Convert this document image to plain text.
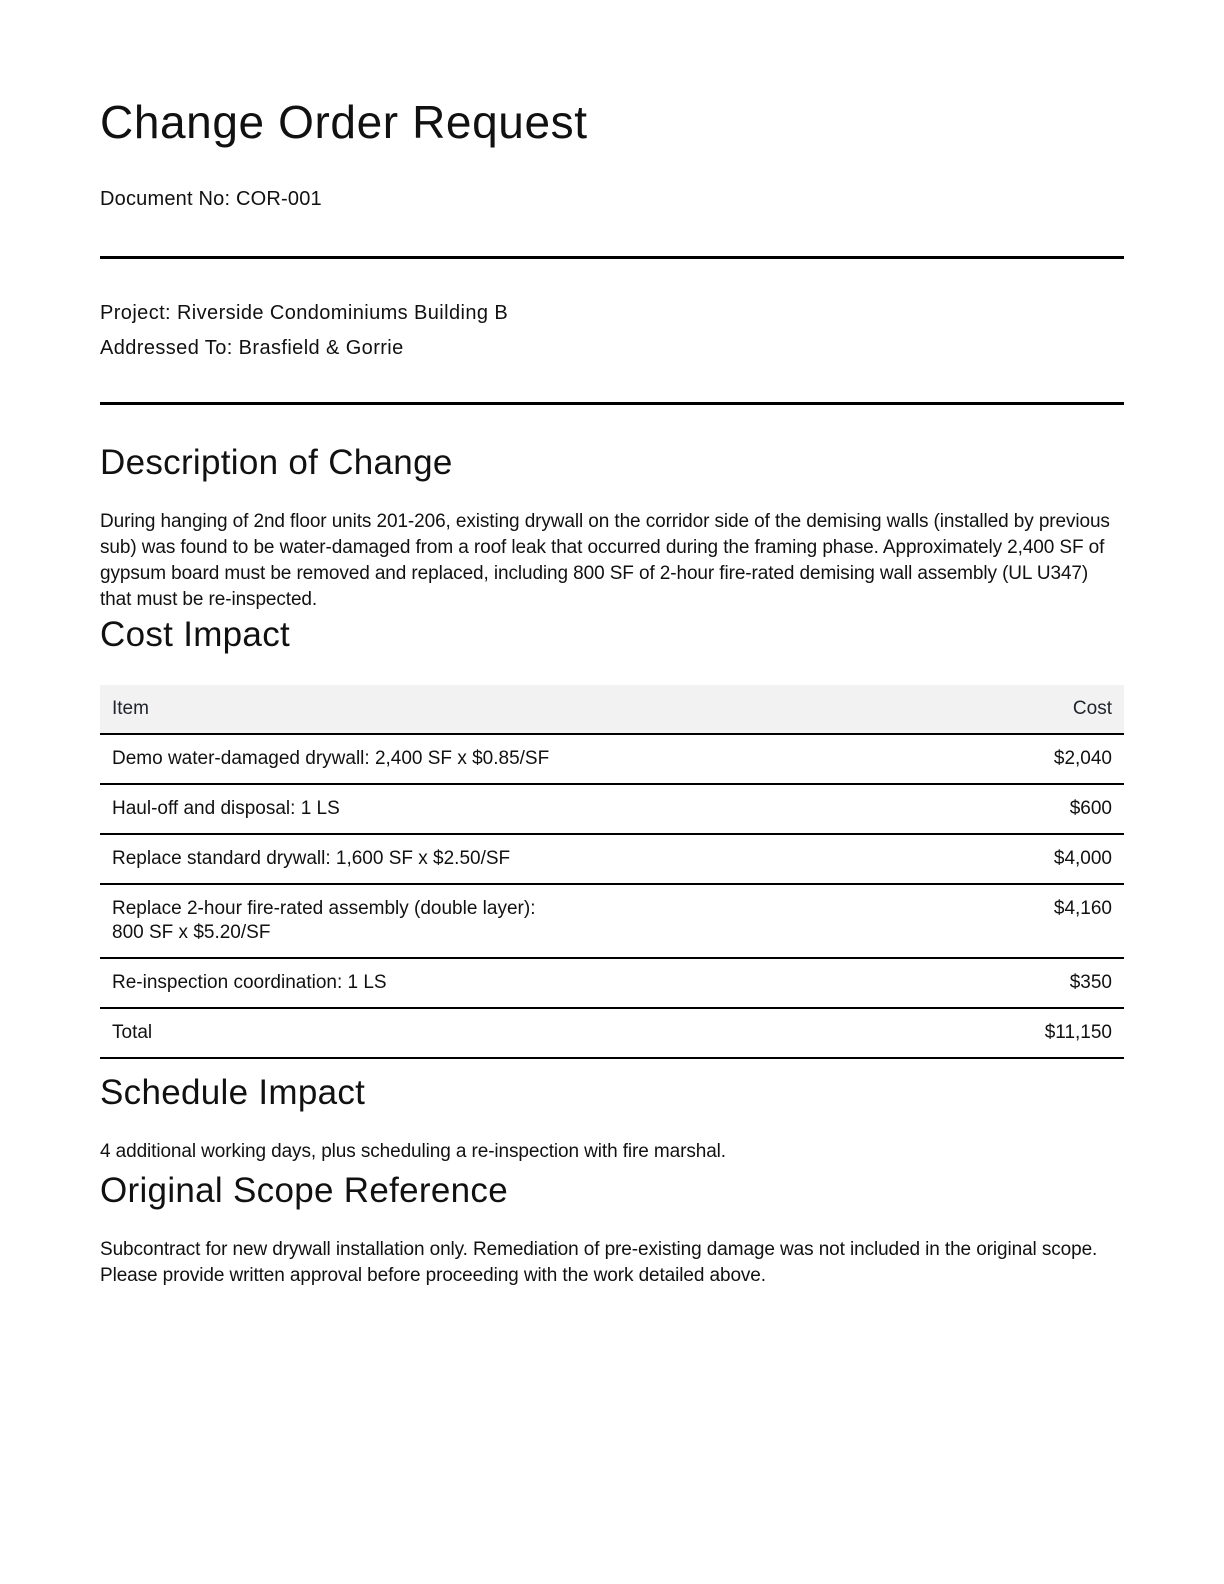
Change Order Request

Document No: COR-001

Project: Riverside Condominiums Building B

Addressed To: Brasfield & Gorrie

Description of Change

During hanging of 2nd floor units 201-206, existing drywall on the corridor side of the demising walls (installed by previous sub) was found to be water-damaged from a roof leak that occurred during the framing phase. Approximately 2,400 SF of gypsum board must be removed and replaced, including 800 SF of 2-hour fire-rated demising wall assembly (UL U347) that must be re-inspected.

Cost Impact
Item	Cost
Demo water-damaged drywall: 2,400 SF x $0.85/SF	$2,040
Haul-off and disposal: 1 LS	$600
Replace standard drywall: 1,600 SF x $2.50/SF	$4,000
Replace 2-hour fire-rated assembly (double layer): 800 SF x $5.20/SF	$4,160
Re-inspection coordination: 1 LS	$350
Total	$11,150
Schedule Impact

4 additional working days, plus scheduling a re-inspection with fire marshal.

Original Scope Reference

Subcontract for new drywall installation only. Remediation of pre-existing damage was not included in the original scope.

Please provide written approval before proceeding with the work detailed above.
